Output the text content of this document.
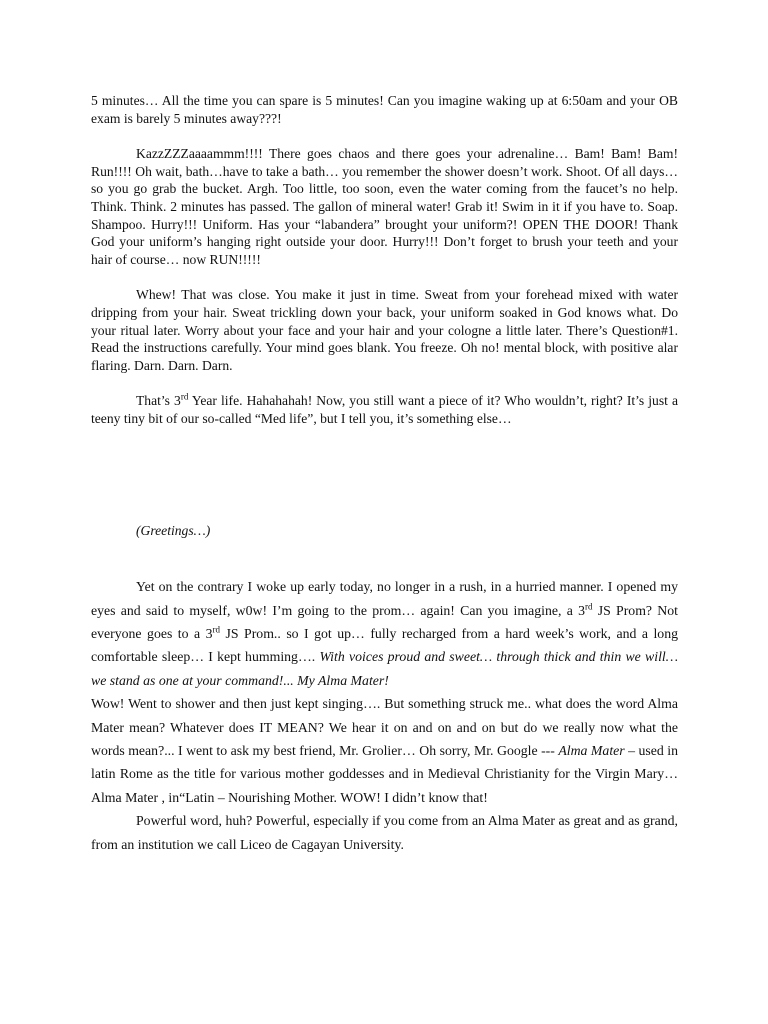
5 minutes… All the time you can spare is 5 minutes! Can you imagine waking up at 6:50am and your OB exam is barely 5 minutes away???!

KazzZZZaaaammm!!!! There goes chaos and there goes your adrenaline… Bam! Bam! Bam! Run!!!! Oh wait, bath…have to take a bath… you remember the shower doesn’t work. Shoot. Of all days… so you go grab the bucket. Argh. Too little, too soon, even the water coming from the faucet’s no help. Think. Think. 2 minutes has passed. The gallon of mineral water! Grab it! Swim in it if you have to. Soap. Shampoo. Hurry!!! Uniform. Has your “labandera” brought your uniform?! OPEN THE DOOR! Thank God your uniform’s hanging right outside your door. Hurry!!! Don’t forget to brush your teeth and your hair of course… now RUN!!!!!

Whew! That was close. You make it just in time. Sweat from your forehead mixed with water dripping from your hair. Sweat trickling down your back, your uniform soaked in God knows what. Do your ritual later. Worry about your face and your hair and your cologne a little later. There’s Question#1. Read the instructions carefully. Your mind goes blank. You freeze. Oh no! mental block, with positive alar flaring. Darn. Darn. Darn.

That’s 3rd Year life. Hahahahah! Now, you still want a piece of it? Who wouldn’t, right? It’s just a teeny tiny bit of our so-called “Med life”, but I tell you, it’s something else…

(Greetings…)

Yet on the contrary I woke up early today, no longer in a rush, in a hurried manner. I opened my eyes and said to myself, w0w! I’m going to the prom… again! Can you imagine, a 3rd JS Prom? Not everyone goes to a 3rd JS Prom.. so I got up… fully recharged from a hard week’s work, and a long comfortable sleep… I kept humming…. With voices proud and sweet… through thick and thin we will… we stand as one at your command!... My Alma Mater!

Wow! Went to shower and then just kept singing…. But something struck me.. what does the word Alma Mater mean? Whatever does IT MEAN? We hear it on and on and on but do we really now what the words mean?... I went to ask my best friend, Mr. Grolier… Oh sorry, Mr. Google --- Alma Mater – used in latin Rome as the title for various mother goddesses and in Medieval Christianity for the Virgin Mary… Alma Mater , in“Latin – Nourishing Mother. WOW! I didn’t know that!

Powerful word, huh? Powerful, especially if you come from an Alma Mater as great and as grand, from an institution we call Liceo de Cagayan University.
